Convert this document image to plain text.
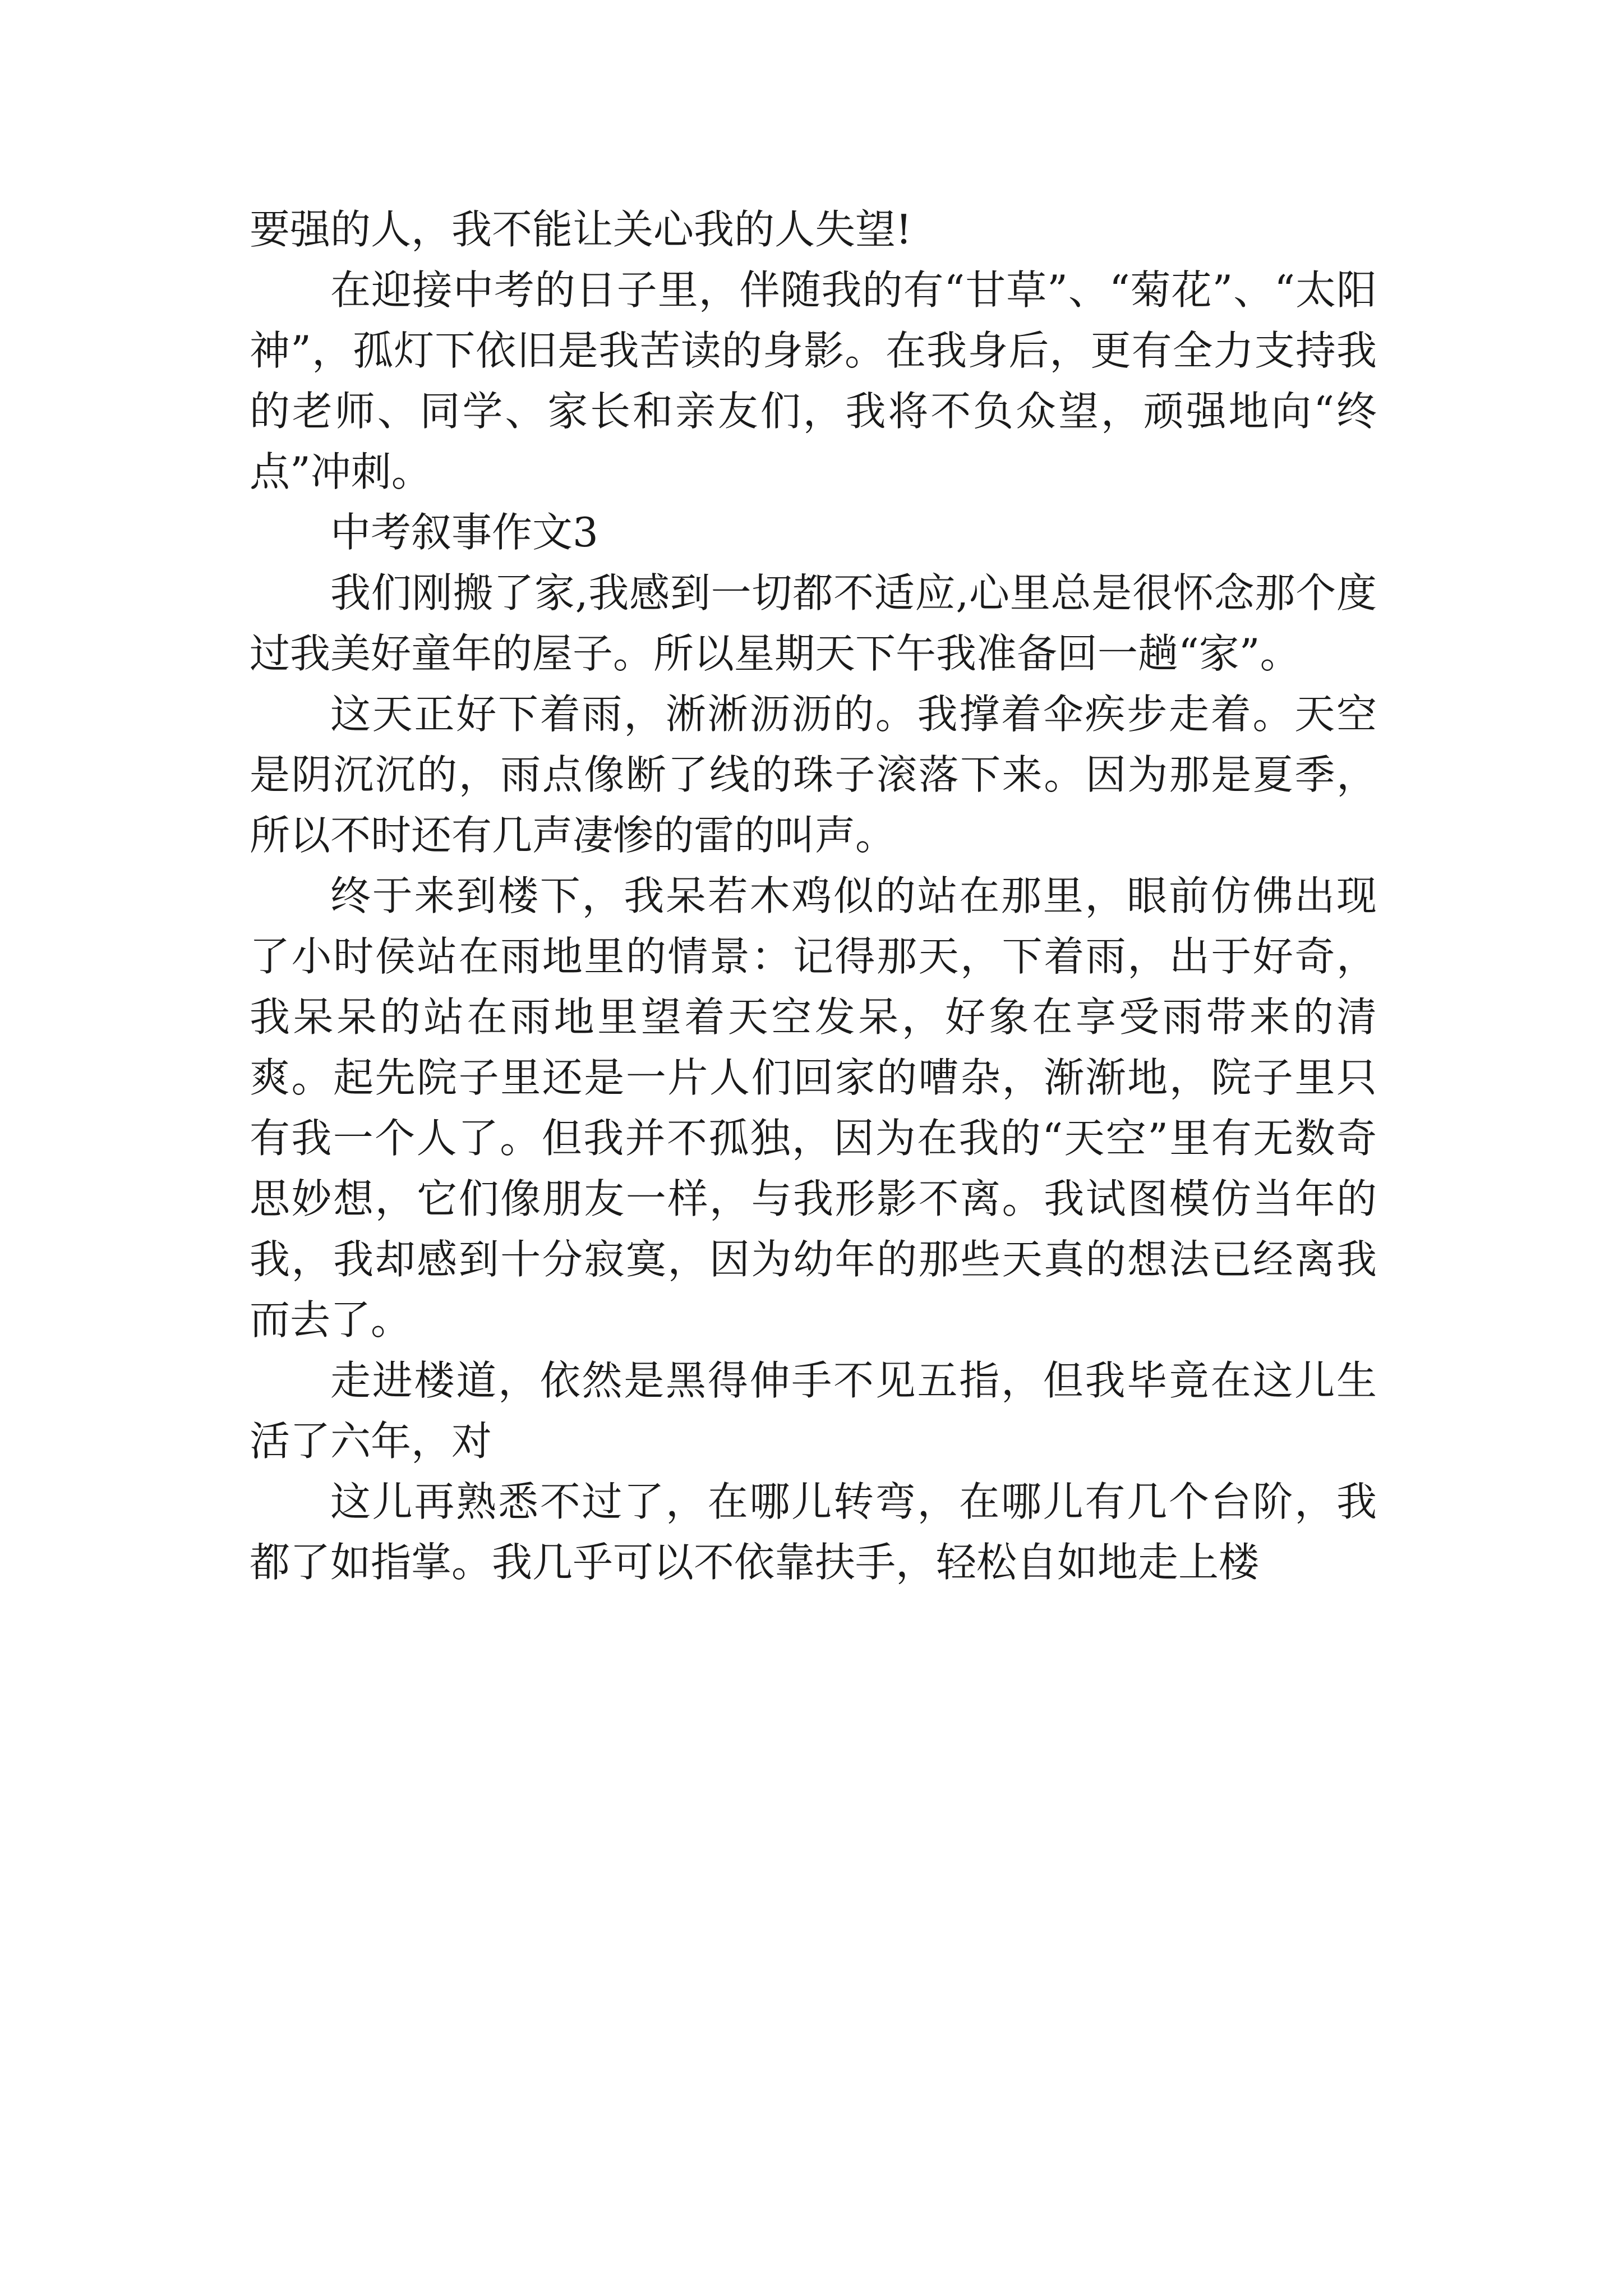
要强的人，我不能让关心我的人失望!

在迎接中考的日子里，伴随我的有“甘草”、“菊花”、“太阳神”，孤灯下依旧是我苦读的身影。在我身后，更有全力支持我的老师、同学、家长和亲友们，我将不负众望，顽强地向“终点”冲刺。

中考叙事作文3

我们刚搬了家,我感到一切都不适应,心里总是很怀念那个度过我美好童年的屋子。所以星期天下午我准备回一趟“家”。

这天正好下着雨，淅淅沥沥的。我撑着伞疾步走着。天空是阴沉沉的，雨点像断了线的珠子滚落下来。因为那是夏季，所以不时还有几声凄惨的雷的叫声。

终于来到楼下，我呆若木鸡似的站在那里，眼前仿佛出现了小时侯站在雨地里的情景：记得那天，下着雨，出于好奇，我呆呆的站在雨地里望着天空发呆，好象在享受雨带来的清爽。起先院子里还是一片人们回家的嘈杂，渐渐地，院子里只有我一个人了。但我并不孤独，因为在我的“天空”里有无数奇思妙想，它们像朋友一样，与我形影不离。我试图模仿当年的我，我却感到十分寂寞，因为幼年的那些天真的想法已经离我而去了。

走进楼道，依然是黑得伸手不见五指，但我毕竟在这儿生活了六年，对

这儿再熟悉不过了，在哪儿转弯，在哪儿有几个台阶，我都了如指掌。我几乎可以不依靠扶手，轻松自如地走上楼
